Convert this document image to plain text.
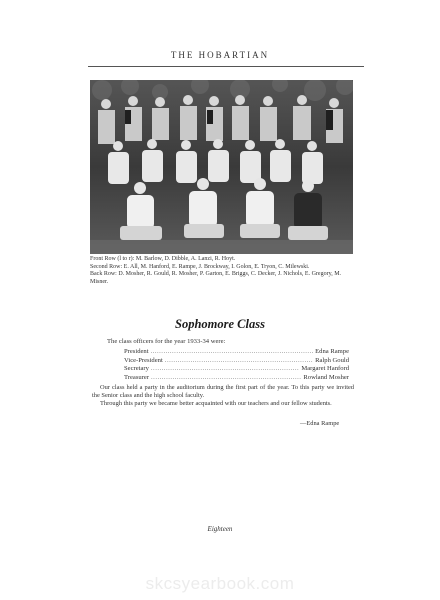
THE HOBARTIAN

Front Row (l to r): M. Barlow, D. Dibble, A. Lanzi, R. Hoyt.

Second Row: E. All, M. Hanford, E. Rampe, J. Brockway, I. Golon, E. Tryon, C. Milewski.

Back Row: D. Mosher, R. Gould, R. Mosher, P. Garton, E. Briggs, C. Decker, J. Nichols, E. Gregory, M. Misner.

Sophomore Class
The class officers for the year 1933-34 were:
President .....	Edna Rampe
Vice-President .....	Ralph Gould
Secretary .....	Margaret Hanford
Treasurer .....	Rowland Mosher

Our class held a party in the auditorium during the first part of the year. To this party we invited the Senior class and the high school faculty.

Through this party we became better acquainted with our teachers and our fellow students.

—Edna Rampe
Eighteen
skcsyearbook.com
